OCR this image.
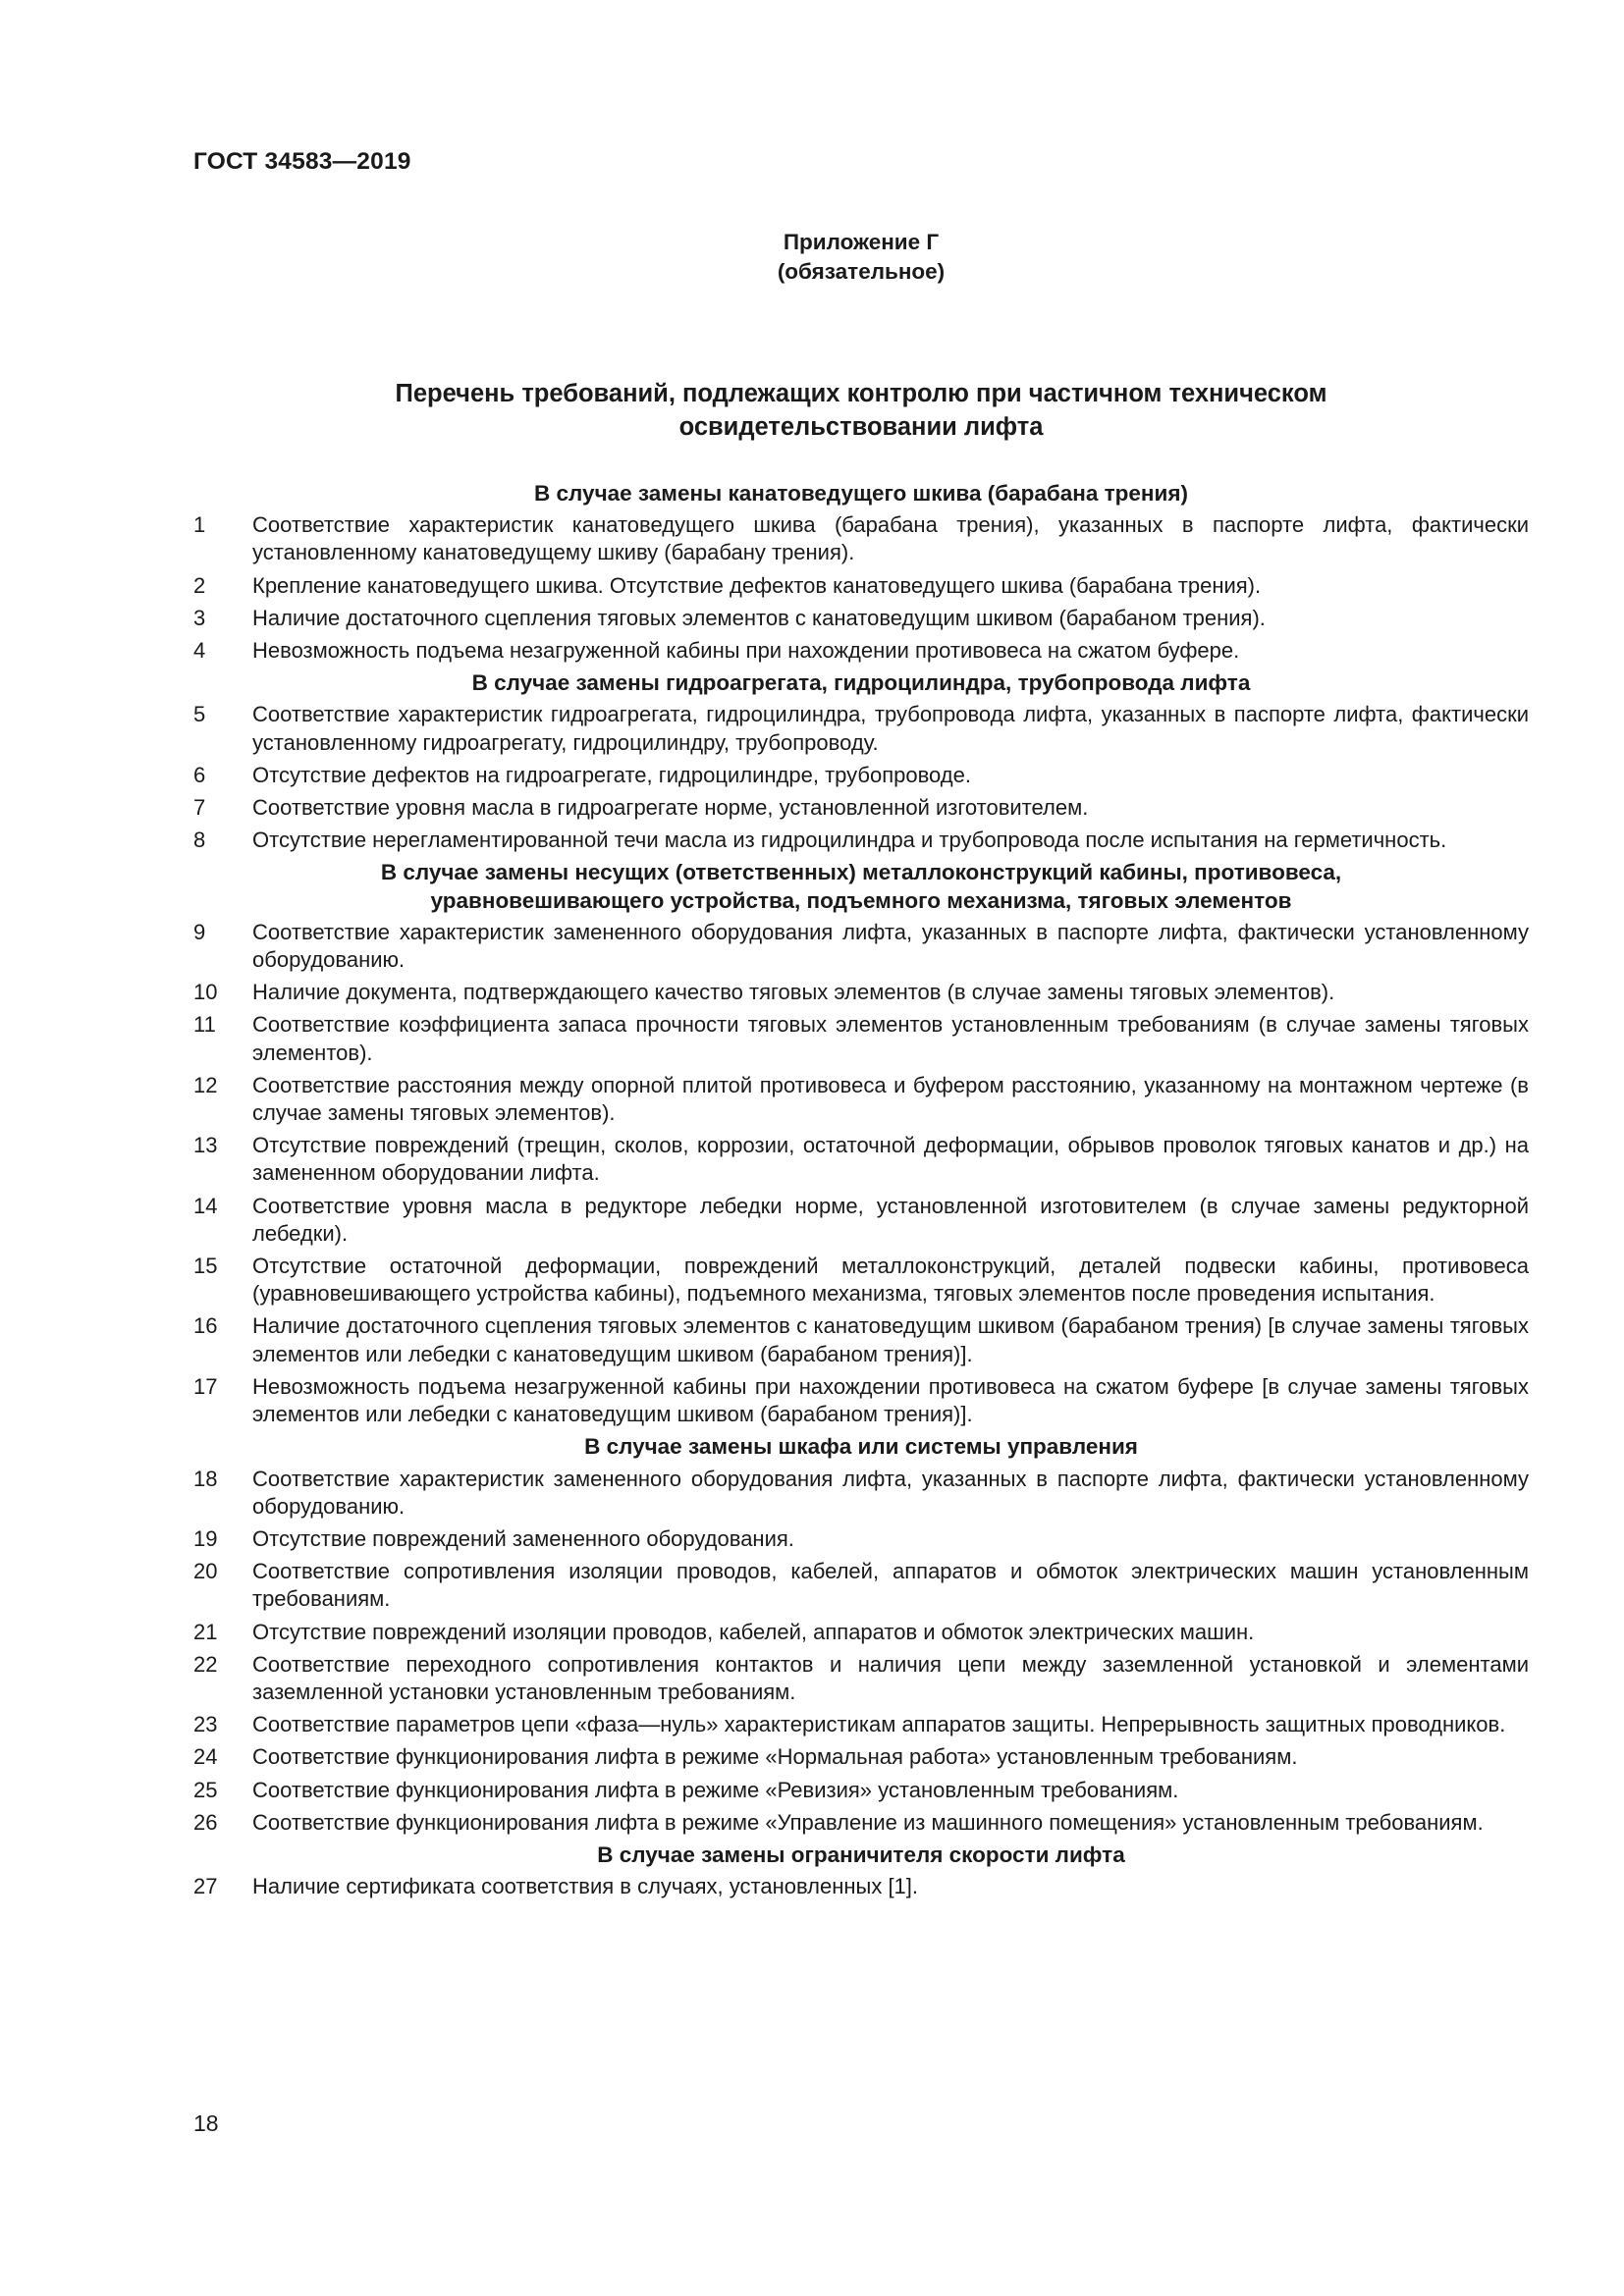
ГОСТ 34583—2019
Приложение Г
(обязательное)
Перечень требований, подлежащих контролю при частичном техническом
освидетельствовании лифта
В случае замены канатоведущего шкива (барабана трения)
1	Соответствие характеристик канатоведущего шкива (барабана трения), указанных в паспорте лифта, фактически установленному канатоведущему шкиву (барабану трения).
2	Крепление канатоведущего шкива. Отсутствие дефектов канатоведущего шкива (барабана трения).
3	Наличие достаточного сцепления тяговых элементов с канатоведущим шкивом (барабаном трения).
4	Невозможность подъема незагруженной кабины при нахождении противовеса на сжатом буфере.
В случае замены гидроагрегата, гидроцилиндра, трубопровода лифта
5	Соответствие характеристик гидроагрегата, гидроцилиндра, трубопровода лифта, указанных в паспорте лифта, фактически установленному гидроагрегату, гидроцилиндру, трубопроводу.
6	Отсутствие дефектов на гидроагрегате, гидроцилиндре, трубопроводе.
7	Соответствие уровня масла в гидроагрегате норме, установленной изготовителем.
8	Отсутствие нерегламентированной течи масла из гидроцилиндра и трубопровода после испытания на герметичность.
В случае замены несущих (ответственных) металлоконструкций кабины, противовеса,
уравновешивающего устройства, подъемного механизма, тяговых элементов
9	Соответствие характеристик замененного оборудования лифта, указанных в паспорте лифта, фактически установленному оборудованию.
10	Наличие документа, подтверждающего качество тяговых элементов (в случае замены тяговых элементов).
11	Соответствие коэффициента запаса прочности тяговых элементов установленным требованиям (в случае замены тяговых элементов).
12	Соответствие расстояния между опорной плитой противовеса и буфером расстоянию, указанному на монтажном чертеже (в случае замены тяговых элементов).
13	Отсутствие повреждений (трещин, сколов, коррозии, остаточной деформации, обрывов проволок тяговых канатов и др.) на замененном оборудовании лифта.
14	Соответствие уровня масла в редукторе лебедки норме, установленной изготовителем (в случае замены редукторной лебедки).
15	Отсутствие остаточной деформации, повреждений металлоконструкций, деталей подвески кабины, противовеса (уравновешивающего устройства кабины), подъемного механизма, тяговых элементов после проведения испытания.
16	Наличие достаточного сцепления тяговых элементов с канатоведущим шкивом (барабаном трения) [в случае замены тяговых элементов или лебедки с канатоведущим шкивом (барабаном трения)].
17	Невозможность подъема незагруженной кабины при нахождении противовеса на сжатом буфере [в случае замены тяговых элементов или лебедки с канатоведущим шкивом (барабаном трения)].
В случае замены шкафа или системы управления
18	Соответствие характеристик замененного оборудования лифта, указанных в паспорте лифта, фактически установленному оборудованию.
19	Отсутствие повреждений замененного оборудования.
20	Соответствие сопротивления изоляции проводов, кабелей, аппаратов и обмоток электрических машин установленным требованиям.
21	Отсутствие повреждений изоляции проводов, кабелей, аппаратов и обмоток электрических машин.
22	Соответствие переходного сопротивления контактов и наличия цепи между заземленной установкой и элементами заземленной установки установленным требованиям.
23	Соответствие параметров цепи «фаза—нуль» характеристикам аппаратов защиты. Непрерывность защитных проводников.
24	Соответствие функционирования лифта в режиме «Нормальная работа» установленным требованиям.
25	Соответствие функционирования лифта в режиме «Ревизия» установленным требованиям.
26	Соответствие функционирования лифта в режиме «Управление из машинного помещения» установленным требованиям.
В случае замены ограничителя скорости лифта
27	Наличие сертификата соответствия в случаях, установленных [1].
18
